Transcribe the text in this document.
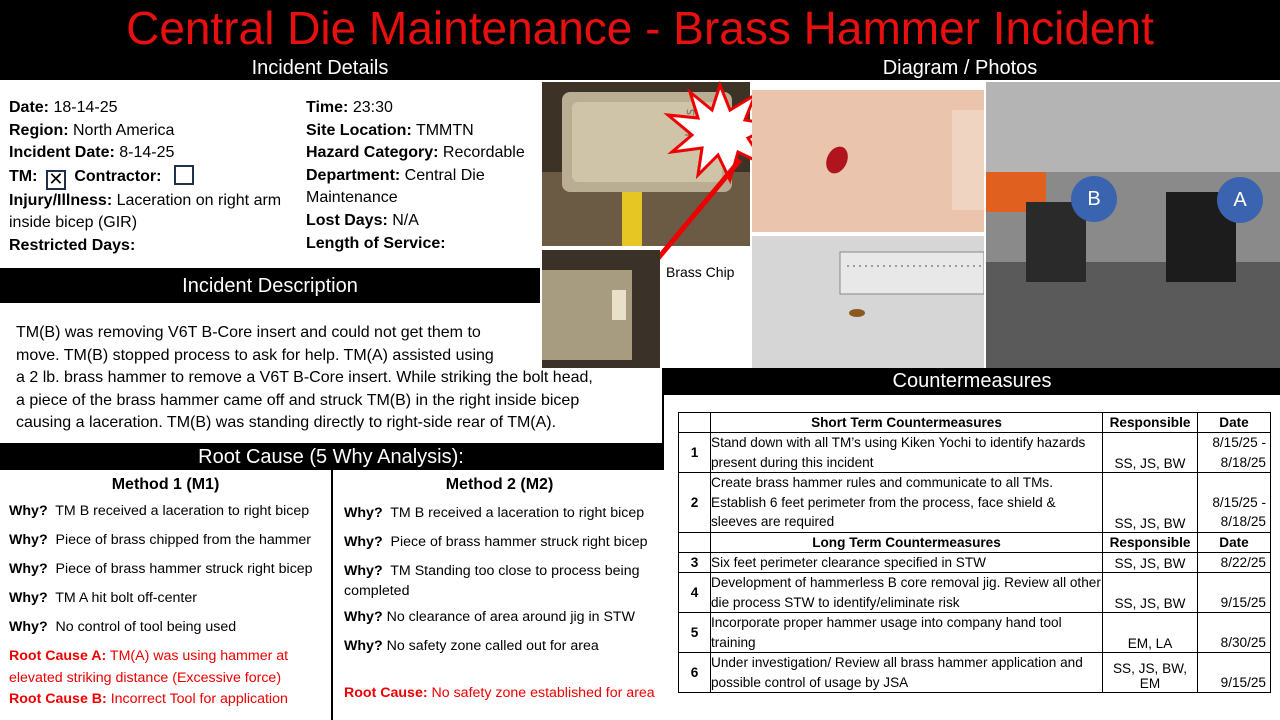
Central Die Maintenance - Brass Hammer Incident
Incident Details	Diagram / Photos
Incident Description
Root Cause (5 Why Analysis):
Countermeasures
Date: 18-14-25
Region: North America
Incident Date: 8-14-25
TM: ✕ Contractor:
Injury/Illness: Laceration on right arm inside bicep (GIR)
Restricted Days:
Time: 23:30
Site Location: TMMTN
Hazard Category: Recordable
Department: Central Die Maintenance
Lost Days: N/A
Length of Service:
TM(B) was removing V6T B-Core insert and could not get them to
move. TM(B) stopped process to ask for help. TM(A) assisted using
a 2 lb. brass hammer to remove a V6T B-Core insert. While striking the bolt head,
a piece of the brass hammer came off and struck TM(B) in the right inside bicep
causing a laceration. TM(B) was standing directly to right-side rear of TM(A).
Method 1 (M1)
Why? TM B received a laceration to right bicep
Why? Piece of brass chipped from the hammer
Why? Piece of brass hammer struck right bicep
Why? TM A hit bolt off-center
Why? No control of tool being used
Root Cause A: TM(A) was using hammer at elevated striking distance (Excessive force)
Root Cause B: Incorrect Tool for application
Method 2 (M2)
Why? TM B received a laceration to right bicep
Why? Piece of brass hammer struck right bicep
Why? TM Standing too close to process being completed
Why? No clearance of area around jig in STW
Why? No safety zone called out for area
Root Cause: No safety zone established for area
Brass Chip
B	A
	Short Term Countermeasures	Responsible	Date
1	Stand down with all TM’s using Kiken Yochi to identify hazards present during this incident	SS, JS, BW	8/15/25 - 8/18/25
2	Create brass hammer rules and communicate to all TMs. Establish 6 feet perimeter from the process, face shield & sleeves are required	SS, JS, BW	8/15/25 - 8/18/25
	Long Term Countermeasures	Responsible	Date
3	Six feet perimeter clearance specified in STW	SS, JS, BW	8/22/25
4	Development of hammerless B core removal jig. Review all other die process STW to identify/eliminate risk	SS, JS, BW	9/15/25
5	Incorporate proper hammer usage into company hand tool training	EM, LA	8/30/25
6	Under investigation/ Review all brass hammer application and possible control of usage by JSA	SS, JS, BW, EM	9/15/25
